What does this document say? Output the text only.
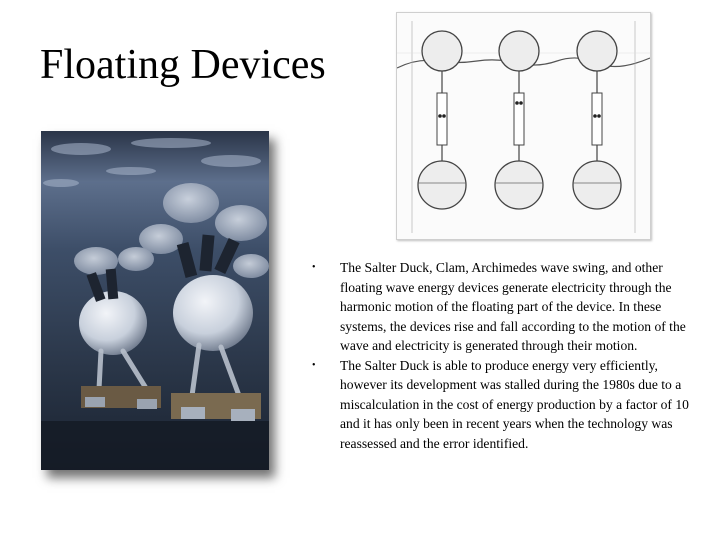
Floating Devices
• The Salter Duck, Clam, Archimedes wave swing, and other floating wave energy devices generate electricity through the harmonic motion of the floating part of the device. In these systems, the devices rise and fall according to the motion of the wave and electricity is generated through their motion.
• The Salter Duck is able to produce energy very efficiently, however its development was stalled during the 1980s due to a miscalculation in the cost of energy production by a factor of 10 and it has only been in recent years when the technology was reassessed and the error identified.
